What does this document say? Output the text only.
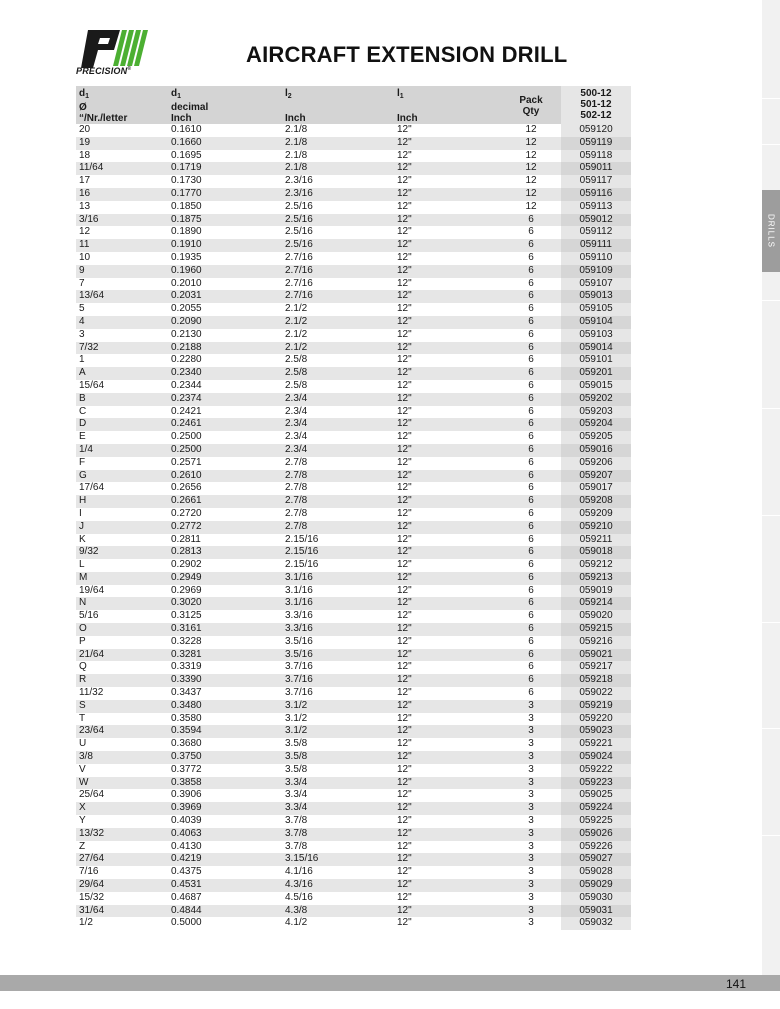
DRILLS
PRECISION®
AIRCRAFT EXTENSION DRILL
$d_1$
Ø
“/Nr./letter	$d_1$
decimal
Inch	$l_2$

Inch	$l_1$

Inch	Pack
Qty	500-12
501-12
502-12
20	0.1610	2.1/8	12"	12	059120
19	0.1660	2.1/8	12"	12	059119
18	0.1695	2.1/8	12"	12	059118
11/64	0.1719	2.1/8	12"	12	059011
17	0.1730	2.3/16	12"	12	059117
16	0.1770	2.3/16	12"	12	059116
13	0.1850	2.5/16	12"	12	059113
3/16	0.1875	2.5/16	12"	6	059012
12	0.1890	2.5/16	12"	6	059112
11	0.1910	2.5/16	12"	6	059111
10	0.1935	2.7/16	12"	6	059110
9	0.1960	2.7/16	12"	6	059109
7	0.2010	2.7/16	12"	6	059107
13/64	0.2031	2.7/16	12"	6	059013
5	0.2055	2.1/2	12"	6	059105
4	0.2090	2.1/2	12"	6	059104
3	0.2130	2.1/2	12"	6	059103
7/32	0.2188	2.1/2	12"	6	059014
1	0.2280	2.5/8	12"	6	059101
A	0.2340	2.5/8	12"	6	059201
15/64	0.2344	2.5/8	12"	6	059015
B	0.2374	2.3/4	12"	6	059202
C	0.2421	2.3/4	12"	6	059203
D	0.2461	2.3/4	12"	6	059204
E	0.2500	2.3/4	12"	6	059205
1/4	0.2500	2.3/4	12"	6	059016
F	0.2571	2.7/8	12"	6	059206
G	0.2610	2.7/8	12"	6	059207
17/64	0.2656	2.7/8	12"	6	059017
H	0.2661	2.7/8	12"	6	059208
I	0.2720	2.7/8	12"	6	059209
J	0.2772	2.7/8	12"	6	059210
K	0.2811	2.15/16	12"	6	059211
9/32	0.2813	2.15/16	12"	6	059018
L	0.2902	2.15/16	12"	6	059212
M	0.2949	3.1/16	12"	6	059213
19/64	0.2969	3.1/16	12"	6	059019
N	0.3020	3.1/16	12"	6	059214
5/16	0.3125	3.3/16	12"	6	059020
O	0.3161	3.3/16	12"	6	059215
P	0.3228	3.5/16	12"	6	059216
21/64	0.3281	3.5/16	12"	6	059021
Q	0.3319	3.7/16	12"	6	059217
R	0.3390	3.7/16	12"	6	059218
11/32	0.3437	3.7/16	12"	6	059022
S	0.3480	3.1/2	12"	3	059219
T	0.3580	3.1/2	12"	3	059220
23/64	0.3594	3.1/2	12"	3	059023
U	0.3680	3.5/8	12"	3	059221
3/8	0.3750	3.5/8	12"	3	059024
V	0.3772	3.5/8	12"	3	059222
W	0.3858	3.3/4	12"	3	059223
25/64	0.3906	3.3/4	12"	3	059025
X	0.3969	3.3/4	12"	3	059224
Y	0.4039	3.7/8	12"	3	059225
13/32	0.4063	3.7/8	12"	3	059026
Z	0.4130	3.7/8	12"	3	059226
27/64	0.4219	3.15/16	12"	3	059027
7/16	0.4375	4.1/16	12"	3	059028
29/64	0.4531	4.3/16	12"	3	059029
15/32	0.4687	4.5/16	12"	3	059030
31/64	0.4844	4.3/8	12"	3	059031
1/2	0.5000	4.1/2	12"	3	059032
141
